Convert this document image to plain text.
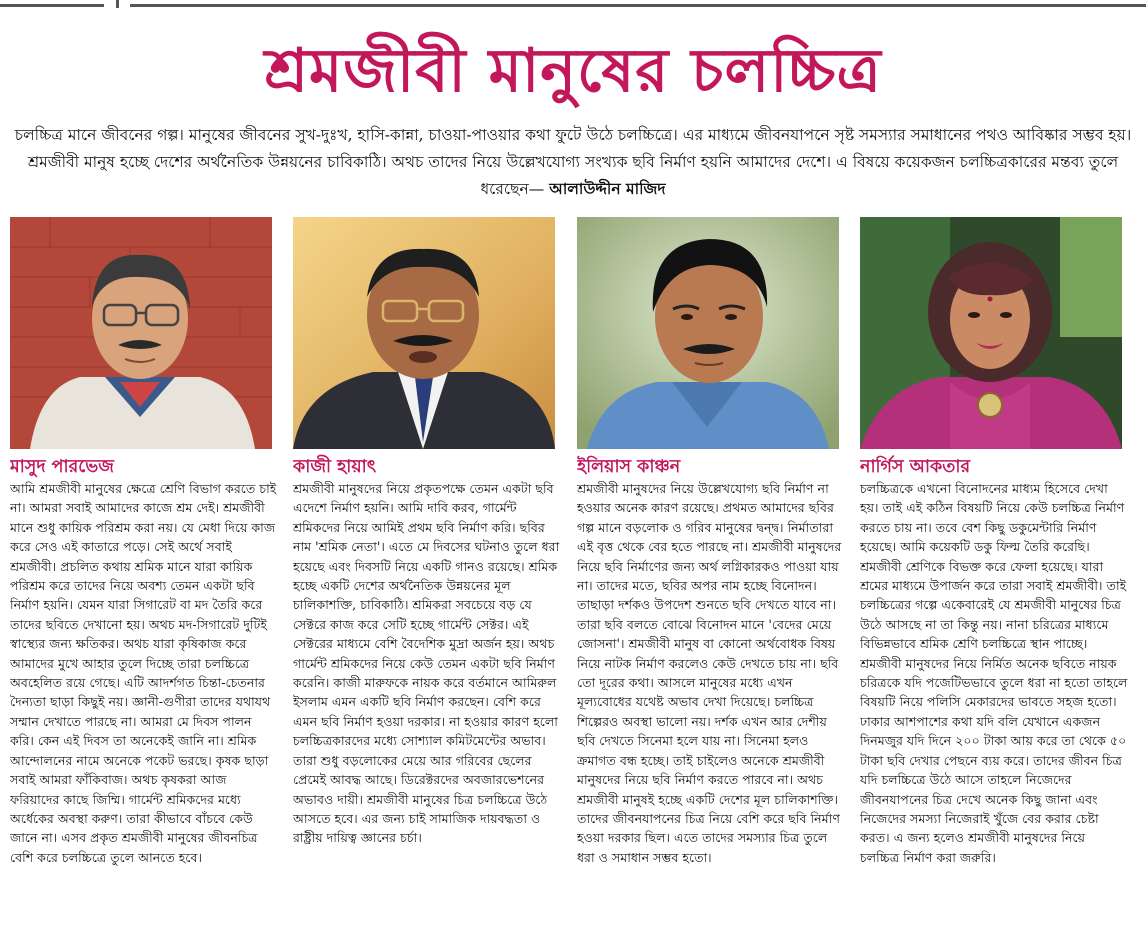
শ্রমজীবী মানুষের চলচ্চিত্র
চলচ্চিত্র মানে জীবনের গল্প। মানুষের জীবনের সুখ-দুঃখ, হাসি-কান্না, চাওয়া-পাওয়ার কথা ফুটে উঠে চলচ্চিত্রে। এর মাধ্যমে জীবনযাপনে সৃষ্ট সমস্যার সমাধানের পথও আবিষ্কার সম্ভব হয়। শ্রমজীবী মানুষ হচ্ছে দেশের অর্থনৈতিক উন্নয়নের চাবিকাঠি। অথচ তাদের নিয়ে উল্লেখযোগ্য সংখ্যক ছবি নির্মাণ হয়নি আমাদের দেশে। এ বিষয়ে কয়েকজন চলচ্চিত্রকারের মন্তব্য তুলে ধরেছেন— আলাউদ্দীন মাজিদ
মাসুদ পারভেজ
আমি শ্রমজীবী মানুষের ক্ষেত্রে শ্রেণি বিভাগ করতে চাই না। আমরা সবাই আমাদের কাজে শ্রম দেই। শ্রমজীবী মানে শুধু কায়িক পরিশ্রম করা নয়। যে মেধা দিয়ে কাজ করে সেও এই কাতারে পড়ে। সেই অর্থে সবাই শ্রমজীবী। প্রচলিত কথায় শ্রমিক মানে যারা কায়িক পরিশ্রম করে তাদের নিয়ে অবশ্য তেমন একটা ছবি নির্মাণ হয়নি। যেমন যারা সিগারেট বা মদ তৈরি করে তাদের ছবিতে দেখানো হয়। অথচ মদ-সিগারেট দুটিই স্বাস্থ্যের জন্য ক্ষতিকর। অথচ যারা কৃষিকাজ করে আমাদের মুখে আহার তুলে দিচ্ছে তারা চলচ্চিত্রে অবহেলিত রয়ে গেছে। এটি আদর্শগত চিন্তা-চেতনার দৈন্যতা ছাড়া কিছুই নয়। জ্ঞানী-গুণীরা তাদের যথাযথ সম্মান দেখাতে পারছে না। আমরা মে দিবস পালন করি। কেন এই দিবস তা অনেকেই জানি না। শ্রমিক আন্দোলনের নামে অনেকে পকেট ভরছে। কৃষক ছাড়া সবাই আমরা ফাঁকিবাজ। অথচ কৃষকরা আজ ফরিয়াদের কাছে জিম্মি। গার্মেন্ট শ্রমিকদের মধ্যে অর্ধেকের অবস্থা করুণ। তারা কীভাবে বাঁচবে কেউ জানে না। এসব প্রকৃত শ্রমজীবী মানুষের জীবনচিত্র বেশি করে চলচ্চিত্রে তুলে আনতে হবে।
কাজী হায়াৎ
শ্রমজীবী মানুষদের নিয়ে প্রকৃতপক্ষে তেমন একটা ছবি এদেশে নির্মাণ হয়নি। আমি দাবি করব, গার্মেন্ট শ্রমিকদের নিয়ে আমিই প্রথম ছবি নির্মাণ করি। ছবির নাম 'শ্রমিক নেতা'। এতে মে দিবসের ঘটনাও তুলে ধরা হয়েছে এবং দিবসটি নিয়ে একটি গানও রয়েছে। শ্রমিক হচ্ছে একটি দেশের অর্থনৈতিক উন্নয়নের মূল চালিকাশক্তি, চাবিকাঠি। শ্রমিকরা সবচেয়ে বড় যে সেক্টরে কাজ করে সেটি হচ্ছে গার্মেন্ট সেক্টর। এই সেক্টরের মাধ্যমে বেশি বৈদেশিক মুদ্রা অর্জন হয়। অথচ গার্মেন্ট শ্রমিকদের নিয়ে কেউ তেমন একটা ছবি নির্মাণ করেনি। কাজী মারুফকে নায়ক করে বর্তমানে আমিরুল ইসলাম এমন একটি ছবি নির্মাণ করছেন। বেশি করে এমন ছবি নির্মাণ হওয়া দরকার। না হওয়ার কারণ হলো চলচ্চিত্রকারদের মধ্যে সোশ্যাল কমিটমেন্টের অভাব। তারা শুধু বড়লোকের মেয়ে আর গরিবের ছেলের প্রেমেই আবদ্ধ আছে। ডিরেক্টরদের অবজারভেশনের অভাবও দায়ী। শ্রমজীবী মানুষের চিত্র চলচ্চিত্রে উঠে আসতে হবে। এর জন্য চাই সামাজিক দায়বদ্ধতা ও রাষ্ট্রীয় দায়িত্ব জ্ঞানের চর্চা।
ইলিয়াস কাঞ্চন
শ্রমজীবী মানুষদের নিয়ে উল্লেখযোগ্য ছবি নির্মাণ না হওয়ার অনেক কারণ রয়েছে। প্রথমত আমাদের ছবির গল্প মানে বড়লোক ও গরিব মানুষের দ্বন্দ্ব। নির্মাতারা এই বৃত্ত থেকে বের হতে পারছে না। শ্রমজীবী মানুষদের নিয়ে ছবি নির্মাণের জন্য অর্থ লগ্নিকারকও পাওয়া যায় না। তাদের মতে, ছবির অপর নাম হচ্ছে বিনোদন। তাছাড়া দর্শকও উপদেশ শুনতে ছবি দেখতে যাবে না। তারা ছবি বলতে বোঝে বিনোদন মানে 'বেদের মেয়ে জোসনা'। শ্রমজীবী মানুষ বা কোনো অর্থবোধক বিষয় নিয়ে নাটক নির্মাণ করলেও কেউ দেখতে চায় না। ছবি তো দূরের কথা। আসলে মানুষের মধ্যে এখন মূল্যবোধের যথেষ্ট অভাব দেখা দিয়েছে। চলচ্চিত্র শিল্পেরও অবস্থা ভালো নয়। দর্শক এখন আর দেশীয় ছবি দেখতে সিনেমা হলে যায় না। সিনেমা হলও ক্রমাগত বন্ধ হচ্ছে। তাই চাইলেও অনেকে শ্রমজীবী মানুষদের নিয়ে ছবি নির্মাণ করতে পারবে না। অথচ শ্রমজীবী মানুষই হচ্ছে একটি দেশের মূল চালিকাশক্তি। তাদের জীবনযাপনের চিত্র নিয়ে বেশি করে ছবি নির্মাণ হওয়া দরকার ছিল। এতে তাদের সমস্যার চিত্র তুলে ধরা ও সমাধান সম্ভব হতো।
নার্গিস আকতার
চলচ্চিত্রকে এখনো বিনোদনের মাধ্যম হিসেবে দেখা হয়। তাই এই কঠিন বিষয়টি নিয়ে কেউ চলচ্চিত্র নির্মাণ করতে চায় না। তবে বেশ কিছু ডকুমেন্টারি নির্মাণ হয়েছে। আমি কয়েকটি ডকু ফিল্ম তৈরি করেছি। শ্রমজীবী শ্রেণিকে বিভক্ত করে ফেলা হয়েছে। যারা শ্রমের মাধ্যমে উপার্জন করে তারা সবাই শ্রমজীবী। তাই চলচ্চিত্রের গল্পে একেবারেই যে শ্রমজীবী মানুষের চিত্র উঠে আসছে না তা কিন্তু নয়। নানা চরিত্রের মাধ্যমে বিভিন্নভাবে শ্রমিক শ্রেণি চলচ্চিত্রে স্থান পাচ্ছে। শ্রমজীবী মানুষদের নিয়ে নির্মিত অনেক ছবিতে নায়ক চরিত্রকে যদি পজেটিভভাবে তুলে ধরা না হতো তাহলে বিষয়টি নিয়ে পলিসি মেকারদের ভাবতে সহজ হতো। ঢাকার আশপাশের কথা যদি বলি যেখানে একজন দিনমজুর যদি দিনে ২০০ টাকা আয় করে তা থেকে ৫০ টাকা ছবি দেখার পেছনে ব্যয় করে। তাদের জীবন চিত্র যদি চলচ্চিত্রে উঠে আসে তাহলে নিজেদের জীবনযাপনের চিত্র দেখে অনেক কিছু জানা এবং নিজেদের সমস্যা নিজেরাই খুঁজে বের করার চেষ্টা করত। এ জন্য হলেও শ্রমজীবী মানুষদের নিয়ে চলচ্চিত্র নির্মাণ করা জরুরি।
